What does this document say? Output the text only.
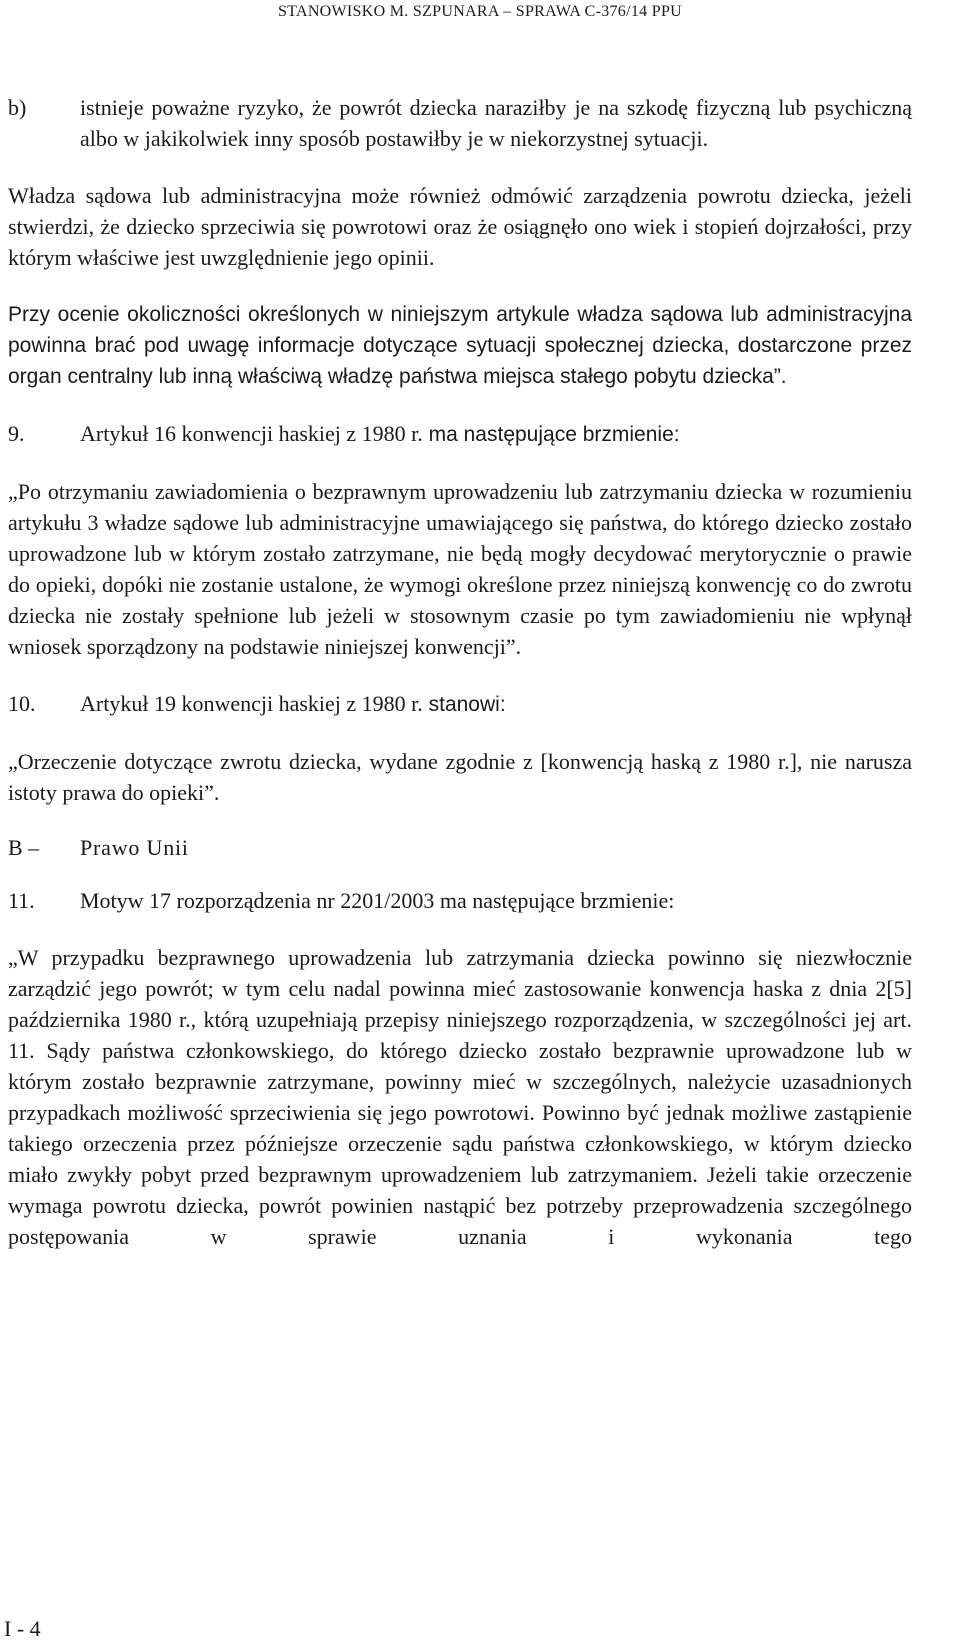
STANOWISKO M. SZPUNARA – SPRAWA C-376/14 PPU
b)	istnieje poważne ryzyko, że powrót dziecka naraziłby je na szkodę fizyczną lub psychiczną albo w jakikolwiek inny sposób postawiłby je w niekorzystnej sytuacji.

Władza sądowa lub administracyjna może również odmówić zarządzenia powrotu dziecka, jeżeli stwierdzi, że dziecko sprzeciwia się powrotowi oraz że osiągnęło ono wiek i stopień dojrzałości, przy którym właściwe jest uwzględnienie jego opinii.

Przy ocenie okoliczności określonych w niniejszym artykule władza sądowa lub administracyjna powinna brać pod uwagę informacje dotyczące sytuacji społecznej dziecka, dostarczone przez organ centralny lub inną właściwą władzę państwa miejsca stałego pobytu dziecka”.

9.	Artykuł 16 konwencji haskiej z 1980 r. ma następujące brzmienie:

„Po otrzymaniu zawiadomienia o bezprawnym uprowadzeniu lub zatrzymaniu dziecka w rozumieniu artykułu 3 władze sądowe lub administracyjne umawiającego się państwa, do którego dziecko zostało uprowadzone lub w którym zostało zatrzymane, nie będą mogły decydować merytorycznie o prawie do opieki, dopóki nie zostanie ustalone, że wymogi określone przez niniejszą konwencję co do zwrotu dziecka nie zostały spełnione lub jeżeli w stosownym czasie po tym zawiadomieniu nie wpłynął wniosek sporządzony na podstawie niniejszej konwencji”.

10.	Artykuł 19 konwencji haskiej z 1980 r. stanowi:

„Orzeczenie dotyczące zwrotu dziecka, wydane zgodnie z [konwencją haską z 1980 r.], nie narusza istoty prawa do opieki”.

B –	Prawo Unii
11.	Motyw 17 rozporządzenia nr 2201/2003 ma następujące brzmienie:

„W przypadku bezprawnego uprowadzenia lub zatrzymania dziecka powinno się niezwłocznie zarządzić jego powrót; w tym celu nadal powinna mieć zastosowanie konwencja haska z dnia 2[5] października 1980 r., którą uzupełniają przepisy niniejszego rozporządzenia, w szczególności jej art. 11. Sądy państwa członkowskiego, do którego dziecko zostało bezprawnie uprowadzone lub w którym zostało bezprawnie zatrzymane, powinny mieć w szczególnych, należycie uzasadnionych przypadkach możliwość sprzeciwienia się jego powrotowi. Powinno być jednak możliwe zastąpienie takiego orzeczenia przez późniejsze orzeczenie sądu państwa członkowskiego, w którym dziecko miało zwykły pobyt przed bezprawnym uprowadzeniem lub zatrzymaniem. Jeżeli takie orzeczenie wymaga powrotu dziecka, powrót powinien nastąpić bez potrzeby przeprowadzenia szczególnego postępowania w sprawie uznania i wykonania tego

I - 4
